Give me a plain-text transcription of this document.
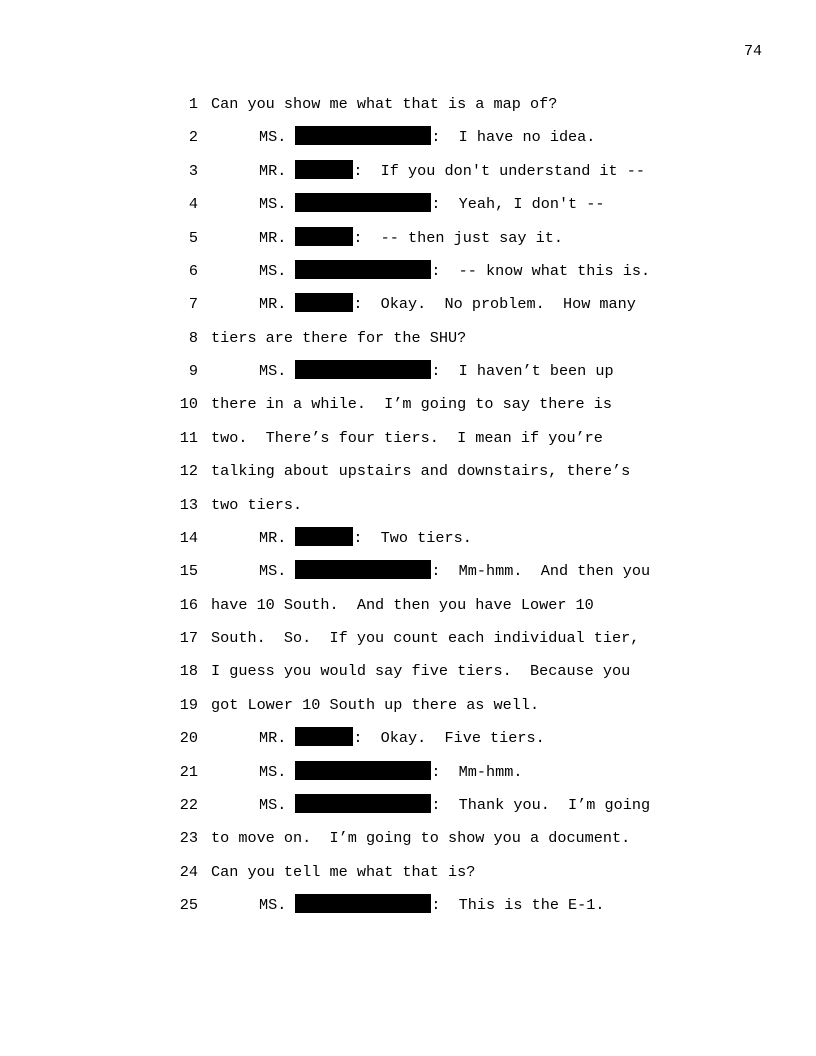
74
1 Can you show me what that is a map of?
2	MS.	:  I have no idea.
3	MR.	:  If you don't understand it --
4	MS.	:  Yeah, I don't --
5	MR.	:  -- then just say it.
6	MS.	:  -- know what this is.
7	MR.	:  Okay.  No problem.  How many
8 tiers are there for the SHU?
9	MS.	:  I haven’t been up
10 there in a while.  I’m going to say there is
11 two.  There’s four tiers.  I mean if you’re
12 talking about upstairs and downstairs, there’s
13 two tiers.
14	MR.	:  Two tiers.
15	MS.	:  Mm-hmm.  And then you
16 have 10 South.  And then you have Lower 10
17 South.  So.  If you count each individual tier,
18 I guess you would say five tiers.  Because you
19 got Lower 10 South up there as well.
20	MR.	:  Okay.  Five tiers.
21	MS.	:  Mm-hmm.
22	MS.	:  Thank you.  I’m going
23 to move on.  I’m going to show you a document.
24 Can you tell me what that is?
25	MS.	:  This is the E-1.
